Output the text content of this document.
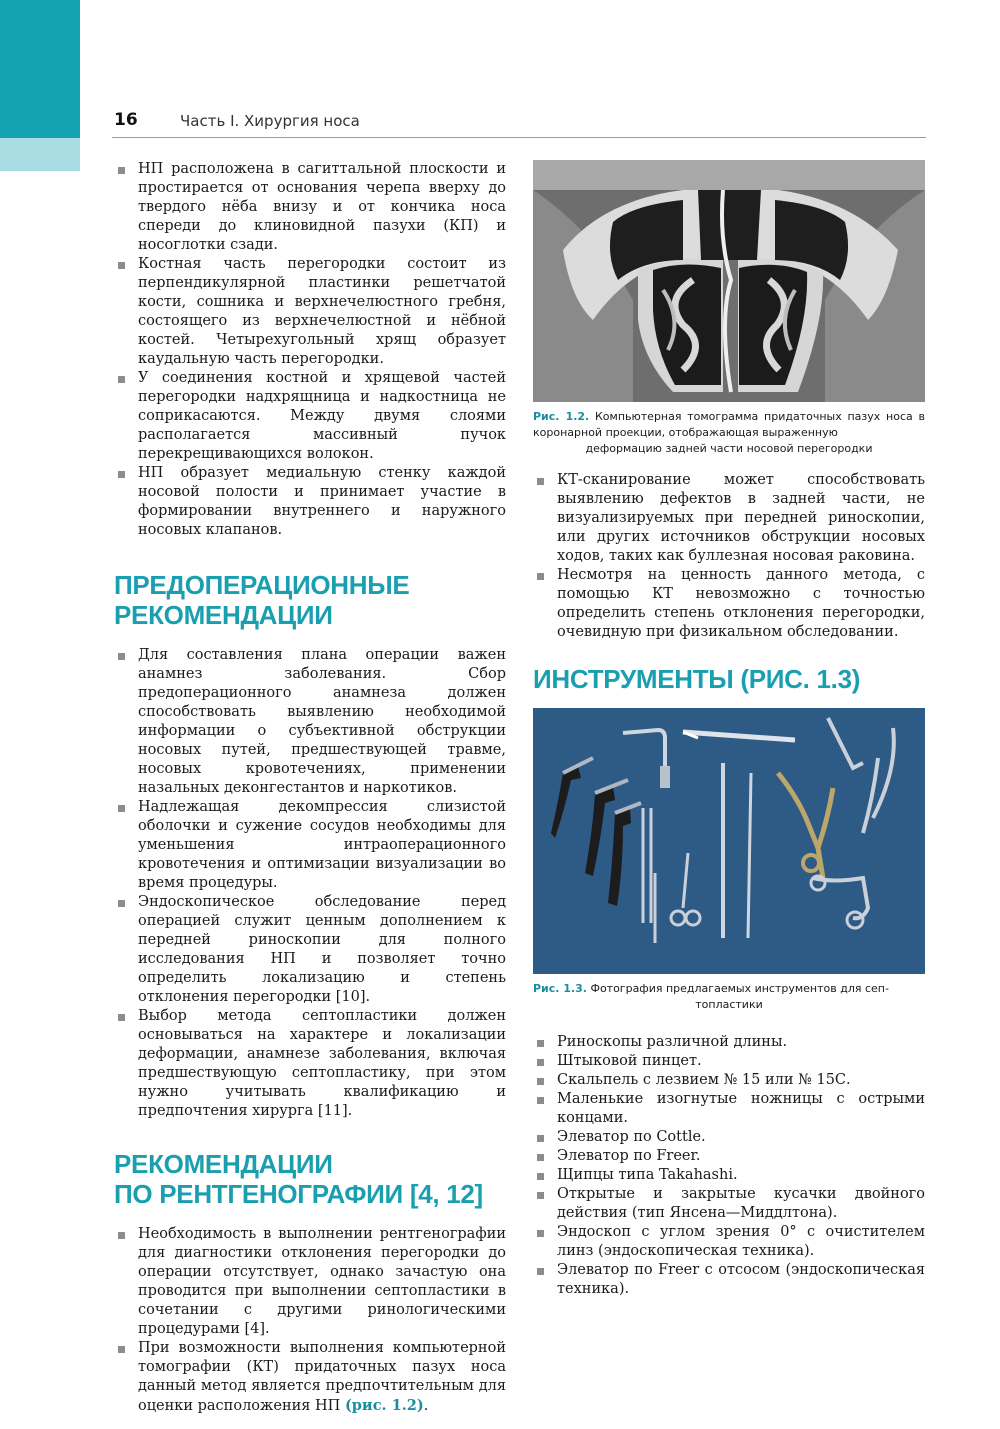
16	Часть I. Хирургия носа
НП расположена в сагиттальной плоскости и простирается от основания черепа вверху до твердого нёба внизу и от кончика носа спереди до клиновидной пазухи (КП) и носоглотки сзади.
Костная часть перегородки состоит из перпендикулярной пластинки решетчатой кости, сошника и верхнечелюстного гребня, состоящего из верхнечелюстной и нёбной костей. Четырехугольный хрящ образует каудальную часть перегородки.
У соединения костной и хрящевой частей перегородки надхрящница и надкостница не соприкасаются. Между двумя слоями располагается массивный пучок перекрещивающихся волокон.
НП образует медиальную стенку каждой носовой полости и принимает участие в формировании внутреннего и наружного носовых клапанов.
ПРЕДОПЕРАЦИОННЫЕ
РЕКОМЕНДАЦИИ
Для составления плана операции важен анамнез заболевания. Сбор предоперационного анамнеза должен способствовать выявлению необходимой информации о субъективной обструкции носовых путей, предшествующей травме, носовых кровотечениях, применении назальных деконгестантов и наркотиков.
Надлежащая декомпрессия слизистой оболочки и сужение сосудов необходимы для уменьшения интраоперационного кровотечения и оптимизации визуализации во время процедуры.
Эндоскопическое обследование перед операцией служит ценным дополнением к передней риноскопии для полного исследования НП и позволяет точно определить локализацию и степень отклонения перегородки [10].
Выбор метода септопластики должен основываться на характере и локализации деформации, анамнезе заболевания, включая предшествующую септопластику, при этом нужно учитывать квалификацию и предпочтения хирурга [11].
РЕКОМЕНДАЦИИ
ПО РЕНТГЕНОГРАФИИ [4, 12]
Необходимость в выполнении рентгенографии для диагностики отклонения перегородки до операции отсутствует, однако зачастую она проводится при выполнении септопластики в сочетании с другими ринологическими процедурами [4].
При возможности выполнения компьютерной томографии (КТ) придаточных пазух носа данный метод является предпочтительным для оценки расположения НП (рис. 1.2).
Рис. 1.2. Компьютерная томограмма придаточных пазух носа в коронарной проекции, отображающая выраженную
деформацию задней части носовой перегородки
КТ-сканирование может способствовать выявлению дефектов в задней части, не визуализируемых при передней риноскопии, или других источников обструкции носовых ходов, таких как буллезная носовая раковина.
Несмотря на ценность данного метода, с помощью КТ невозможно с точностью определить степень отклонения перегородки, очевидную при физикальном обследовании.
ИНСТРУМЕНТЫ (РИС. 1.3)
Рис. 1.3. Фотография предлагаемых инструментов для сеп-
топластики
Риноскопы различной длины.
Штыковой пинцет.
Скальпель с лезвием № 15 или № 15С.
Маленькие изогнутые ножницы с острыми концами.
Элеватор по Cottle.
Элеватор по Freer.
Щипцы типа Takahashi.
Открытые и закрытые кусачки двойного действия (тип Янсена—Миддлтона).
Эндоскоп с углом зрения 0° с очистителем линз (эндоскопическая техника).
Элеватор по Freer с отсосом (эндоскопическая техника).
